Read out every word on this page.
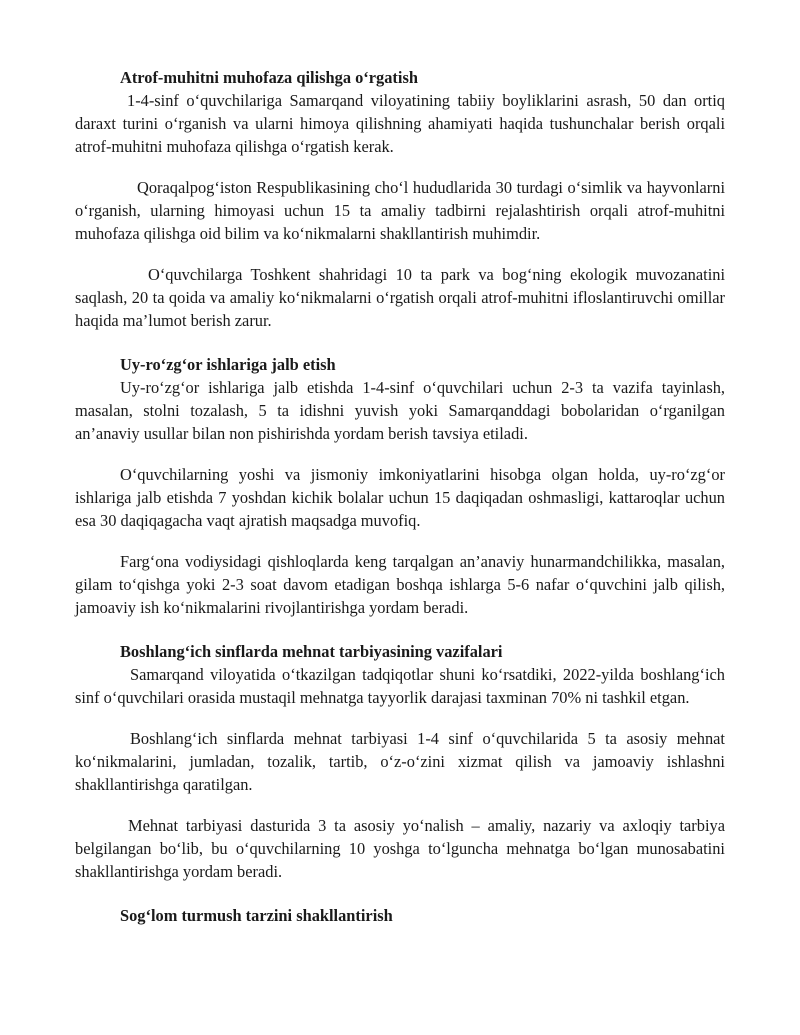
Atrof-muhitni muhofaza qilishga o‘rgatish

1-4-sinf o‘quvchilariga Samarqand viloyatining tabiiy boyliklarini asrash, 50 dan ortiq daraxt turini o‘rganish va ularni himoya qilishning ahamiyati haqida tushunchalar berish orqali atrof-muhitni muhofaza qilishga o‘rgatish kerak.

Qoraqalpog‘iston Respublikasining cho‘l hududlarida 30 turdagi o‘simlik va hayvonlarni o‘rganish, ularning himoyasi uchun 15 ta amaliy tadbirni rejalashtirish orqali atrof-muhitni muhofaza qilishga oid bilim va ko‘nikmalarni shakllantirish muhimdir.

O‘quvchilarga Toshkent shahridagi 10 ta park va bog‘ning ekologik muvozanatini saqlash, 20 ta qoida va amaliy ko‘nikmalarni o‘rgatish orqali atrof-muhitni ifloslantiruvchi omillar haqida ma’lumot berish zarur.

Uy-ro‘zg‘or ishlariga jalb etish

Uy-ro‘zg‘or ishlariga jalb etishda 1-4-sinf o‘quvchilari uchun 2-3 ta vazifa tayinlash, masalan, stolni tozalash, 5 ta idishni yuvish yoki Samarqanddagi bobolaridan o‘rganilgan an’anaviy usullar bilan non pishirishda yordam berish tavsiya etiladi.

O‘quvchilarning yoshi va jismoniy imkoniyatlarini hisobga olgan holda, uy-ro‘zg‘or ishlariga jalb etishda 7 yoshdan kichik bolalar uchun 15 daqiqadan oshmasligi, kattaroqlar uchun esa 30 daqiqagacha vaqt ajratish maqsadga muvofiq.

Farg‘ona vodiysidagi qishloqlarda keng tarqalgan an’anaviy hunarmandchilikka, masalan, gilam to‘qishga yoki 2-3 soat davom etadigan boshqa ishlarga 5-6 nafar o‘quvchini jalb qilish, jamoaviy ish ko‘nikmalarini rivojlantirishga yordam beradi.

Boshlang‘ich sinflarda mehnat tarbiyasining vazifalari

Samarqand viloyatida o‘tkazilgan tadqiqotlar shuni ko‘rsatdiki, 2022-yilda boshlang‘ich sinf o‘quvchilari orasida mustaqil mehnatga tayyorlik darajasi taxminan 70% ni tashkil etgan.

Boshlang‘ich sinflarda mehnat tarbiyasi 1-4 sinf o‘quvchilarida 5 ta asosiy mehnat ko‘nikmalarini, jumladan, tozalik, tartib, o‘z-o‘zini xizmat qilish va jamoaviy ishlashni shakllantirishga qaratilgan.

Mehnat tarbiyasi dasturida 3 ta asosiy yo‘nalish – amaliy, nazariy va axloqiy tarbiya belgilangan bo‘lib, bu o‘quvchilarning 10 yoshga to‘lguncha mehnatga bo‘lgan munosabatini shakllantirishga yordam beradi.

Sog‘lom turmush tarzini shakllantirish
